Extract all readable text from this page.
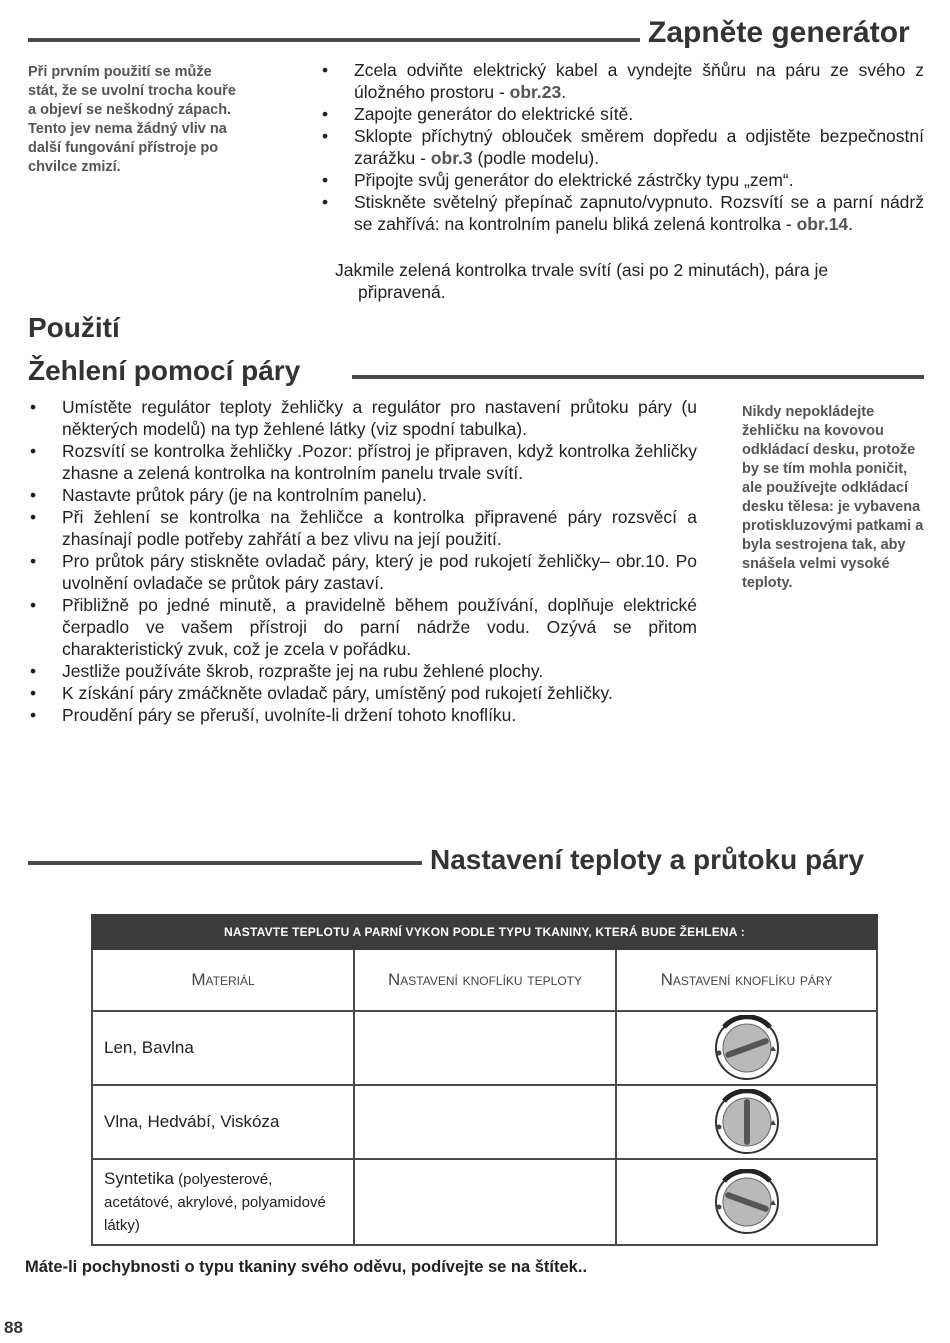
Zapněte generátor
Při prvním použití se může stát, že se uvolní trocha kouře a objeví se neškodný zápach. Tento jev nema žádný vliv na další fungování přístroje po chvilce zmizí.
•	Zcela odviňte elektrický kabel a vyndejte šňůru na páru ze svého z úložného prostoru - obr.23.
•	Zapojte generátor do elektrické sítě.
•	Sklopte příchytný oblouček směrem dopředu a odjistěte bezpečnostní zarážku - obr.3 (podle modelu).
•	Připojte svůj generátor do elektrické zástrčky typu „zem“.
•	Stiskněte světelný přepínač zapnuto/vypnuto. Rozsvítí se a parní nádrž se zahřívá: na kontrolním panelu bliká zelená kontrolka - obr.14.
Jakmile zelená kontrolka trvale svítí (asi po 2 minutách), pára je
připravená.
Použití
Žehlení pomocí páry
•	Umístěte regulátor teploty žehličky a regulátor pro nastavení průtoku páry (u některých modelů) na typ žehlené látky (viz spodní tabulka).
•	Rozsvítí se kontrolka žehličky .Pozor: přístroj je připraven, když kontrolka žehličky zhasne a zelená kontrolka na kontrolním panelu trvale svítí.
•	Nastavte průtok páry (je na kontrolním panelu).
•	Při žehlení se kontrolka na žehličce a kontrolka připravené páry rozsvěcí a zhasínají podle potřeby zahřátí a bez vlivu na její použití.
•	Pro průtok páry stiskněte ovladač páry, který je pod rukojetí žehličky– obr.10. Po uvolnění ovladače se průtok páry zastaví.
•	Přibližně po jedné minutě, a pravidelně během používání, doplňuje elektrické čerpadlo ve vašem přístroji do parní nádrže vodu. Ozývá se přitom charakteristický zvuk, což je zcela v pořádku.
•	Jestliže používáte škrob, rozprašte jej na rubu žehlené plochy.
•	K získání páry zmáčkněte ovladač páry, umístěný pod rukojetí žehličky.
•	Proudění páry se přeruší, uvolníte-li držení tohoto knoflíku.
Nikdy nepokládejte žehličku na kovovou odkládací desku, protože by se tím mohla poničit, ale používejte odkládací desku tělesa: je vybavena protiskluzovými patkami a byla sestrojena tak, aby snášela velmi vysoké teploty.
Nastavení teploty a průtoku páry
NASTAVTE TEPLOTU A PARNÍ VYKON PODLE TYPU TKANINY, KTERÁ BUDE ŽEHLENA :		
Materiál	Nastavení knoflíku teploty	Nastavení knoflíku páry

Len, Bavlna

Vlna, Hedvábí, Viskóza

Syntetika (polyesterové, acetátové, akrylové, polyamidové látky)

Máte-li pochybnosti o typu tkaniny svého oděvu, podívejte se na štítek..
88
